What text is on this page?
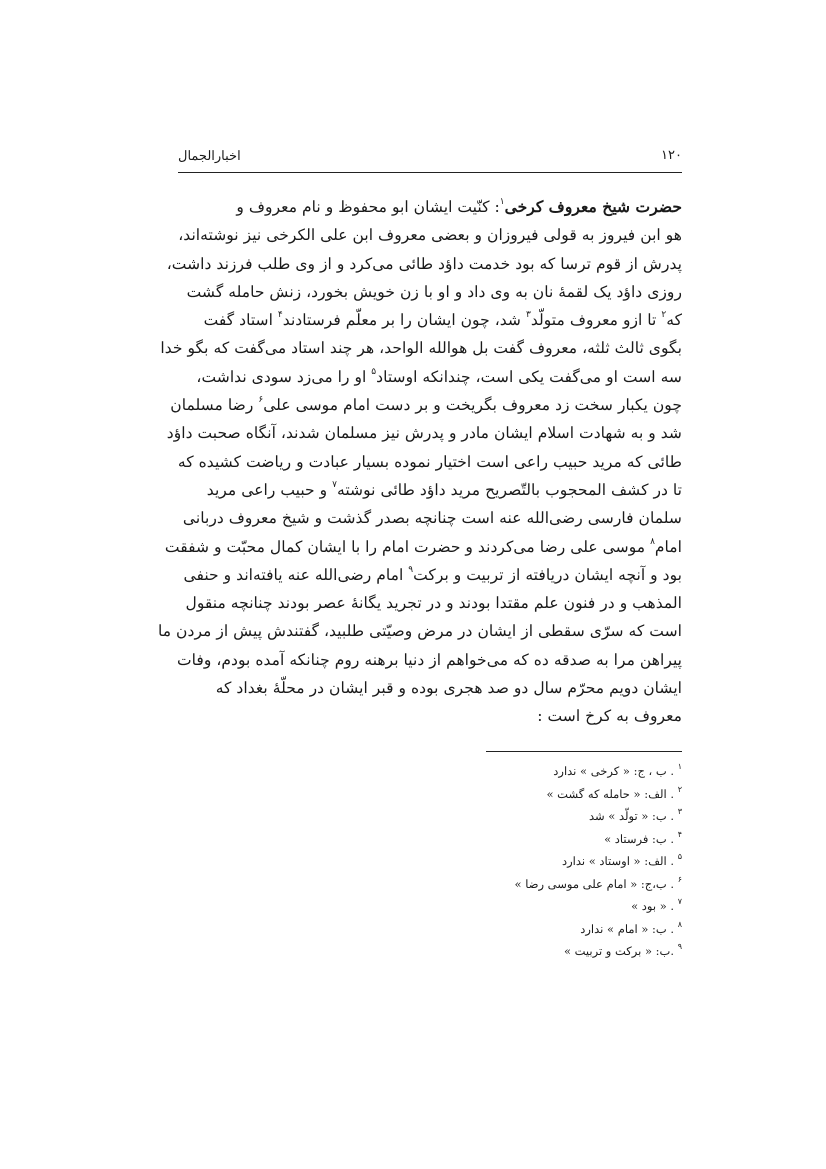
۱۲۰
اخبارالجمال
حضرت شیخ معروف کرخی$^۱$: کنّیت ایشان ابو محفوظ و نام معروف و
هو ابن فیروز به قولی فیروزان و بعضی معروف ابن علی الکرخی نیز نوشته‌اند،
پدرش از قوم ترسا که بود خدمت داؤد طائی می‌کرد و از وی طلب فرزند داشت،
روزی داؤد یک لقمهٔ نان به وی داد و او با زن خویش بخورد، زنش حامله گشت
که$^۲$ تا ازو معروف متولّد$^۳$ شد، چون ایشان را بر معلّم فرستادند$^۴$ استاد گفت
بگوی ثالث ثلثه، معروف گفت بل هوالله الواحد، هر چند استاد می‌گفت که بگو خدا
سه است او می‌گفت یکی است، چندانکه اوستاد$^۵$ او را می‌زد سودی نداشت،
چون یکبار سخت زد معروف بگریخت و بر دست امام موسی علی$^۶$ رضا مسلمان
شد و به شهادت اسلام ایشان مادر و پدرش نیز مسلمان شدند، آنگاه صحبت داؤد
طائی که مرید حبیب راعی است اختیار نموده بسیار عبادت و ریاضت کشیده که
تا در کشف المحجوب بالتّصریح مرید داؤد طائی نوشته$^۷$ و حبیب راعی مرید
سلمان فارسی رضی‌الله عنه است چنانچه بصدر گذشت و شیخ معروف دربانی
امام$^۸$ موسی علی رضا می‌کردند و حضرت امام را با ایشان کمال محبّت و شفقت
بود و آنچه ایشان دریافته از تربیت و برکت$^۹$ امام رضی‌الله عنه یافته‌اند و حنفی
المذهب و در فنون علم مقتدا بودند و در تجرید یگانهٔ عصر بودند چنانچه منقول
است که سرّی سقطی از ایشان در مرض وصیّتی طلبید، گفتندش پیش از مردن ما
پیراهن مرا به صدقه ده که می‌خواهم از دنیا برهنه روم چنانکه آمده بودم، وفات
ایشان دویم محرّم سال دو صد هجری بوده و قبر ایشان در محلّهٔ بغداد که
معروف به کرخ است :
$^۱$ . ب ، ج: « کرخی » ندارد
$^۲$ . الف: « حامله که گشت »
$^۳$ . ب: « تولّد » شد
$^۴$ . ب: فرستاد »
$^۵$ . الف: « اوستاد » ندارد
$^۶$ . ب،ج: « امام علی موسی رضا »
$^۷$ . « بود »
$^۸$ . ب: « امام » ندارد
$^۹$ .ب: « برکت و تربیت »
